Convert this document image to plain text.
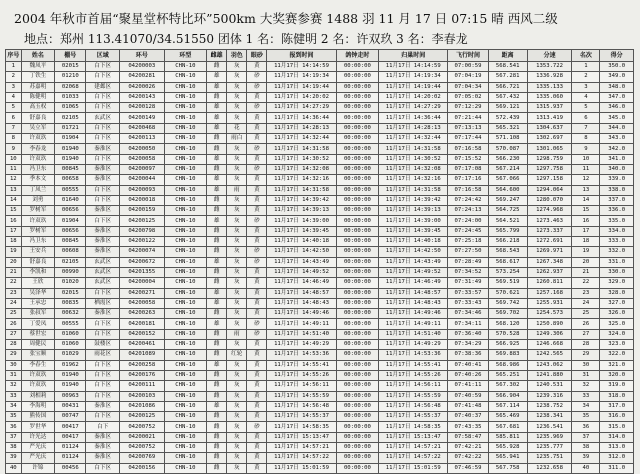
2004 年秋市首届“聚星堂杯特比环”500km 大奖赛参赛 1488 羽 11 月 17 日 07:15 晴 西风二级
地点：郑州 113.41070/34.51550 团体 1 名：陈健明 2 名：许双玖 3 名：李春龙
序号	姓名	棚号	区域	环号	环型	雌雄	羽色	眼砂	报到时间	鸽钟走时	归巢时间	飞行时间	距离	分速	名次	得分
1	魏凤平	02015	白下区	04200003	CHN-10	雌	灰	黄	11月17日 14:14:59	00:00:00	11月17日 14:14:59	07:00:59	568.541	1353.722	1	350.0
2	丁铁生	01210	白下区	04200281	CHN-10	雄	灰	砂	11月17日 14:19:34	00:00:00	11月17日 14:19:34	07:04:19	567.281	1336.928	2	349.0
3	苏嘉明	02068	建邺区	04200026	CHN-10	雄	灰	砂	11月17日 14:19:44	00:00:00	11月17日 14:19:44	07:04:34	566.721	1335.133	3	348.0
4	陈健明	01033	白下区	04200143	CHN-10	雌	灰	黄	11月17日 14:20:02	00:00:00	11月17日 14:20:02	07:05:02	567.432	1335.060	4	347.0
5	高玉权	01065	白下区	04200128	CHN-10	雄	灰	砂	11月17日 14:27:29	00:00:00	11月17日 14:27:29	07:12:29	569.121	1315.937	5	346.0
6	舒嘉良	02105	玄武区	04200149	CHN-10	雄	灰	黄	11月17日 14:36:44	00:00:00	11月17日 14:36:44	07:21:44	572.439	1313.419	6	345.0
7	吴立军	01721	白下区	04200468	CHN-10	雄	花	黄	11月17日 14:28:13	00:00:00	11月17日 14:28:13	07:13:13	565.321	1304.637	7	344.0
8	许双玖	01904	白下区	04200113	CHN-10	雌	雨白	黄	11月17日 14:32:44	00:00:00	11月17日 14:32:44	07:17:44	571.108	1302.697	8	343.0
9	李春龙	01940	秦淮区	04200050	CHN-10	雌	灰	砂	11月17日 14:31:58	00:00:00	11月17日 14:31:58	07:16:58	570.087	1301.065	9	342.0
10	许双玖	01940	白下区	04200058	CHN-10	雄	灰	黄	11月17日 14:30:52	00:00:00	11月17日 14:30:52	07:15:52	566.230	1298.759	10	341.0
11	冯卫东	00845	秦淮区	04200097	CHN-10	雌	灰	砂	11月17日 14:32:08	00:00:00	11月17日 14:32:08	07:17:08	567.214	1297.758	11	340.0
12	季本文	00658	秦淮区	04200044	CHN-10	雄	灰	黄	11月17日 14:32:16	00:00:00	11月17日 14:32:16	07:17:16	567.066	1297.158	12	339.0
13	丁凤兰	00555	白下区	04200093	CHN-10	雄	雨	黄	11月17日 14:31:58	00:00:00	11月17日 14:31:58	07:16:58	564.600	1294.064	13	338.0
14	刘勇	01640	白下区	04200018	CHN-10	雌	灰	黄	11月17日 14:39:42	00:00:00	11月17日 14:39:42	07:24:42	569.247	1280.070	14	337.0
15	罗树军	00656	秦淮区	04200159	CHN-10	雌	灰	黄	11月17日 14:39:13	00:00:00	11月17日 14:39:13	07:24:13	564.725	1274.968	15	336.0
16	许双玖	01904	白下区	04200125	CHN-10	雄	灰	砂	11月17日 14:39:00	00:00:00	11月17日 14:39:00	07:24:00	564.521	1273.463	16	335.0
17	罗树军	00656	秦淮区	04200798	CHN-10	雌	灰	黄	11月17日 14:39:45	00:00:00	11月17日 14:39:45	07:24:45	565.799	1273.337	17	334.0
18	冯卫东	00845	秦淮区	04200122	CHN-10	雌	灰	黄	11月17日 14:40:18	00:00:00	11月17日 14:40:18	07:25:18	566.218	1272.691	18	333.0
19	王安兵	00608	秦淮区	04200074	CHN-10	雌	灰	砂	11月17日 14:42:50	00:00:00	11月17日 14:42:50	07:27:50	568.543	1269.971	19	332.0
20	舒嘉良	02105	玄武区	04200672	CHN-10	雄	灰	砂	11月17日 14:43:49	00:00:00	11月17日 14:43:49	07:28:49	568.617	1267.348	20	331.0
21	李凯和	00990	玄武区	04201355	CHN-10	雌	灰	黄	11月17日 14:49:52	00:00:00	11月17日 14:49:52	07:34:52	573.254	1262.937	21	330.0
22	王欣	01020	玄武区	04200004	CHN-10	雌	灰	黄	11月17日 14:46:49	00:00:00	11月17日 14:46:49	07:31:49	569.519	1260.811	22	329.0
23	吴泽华	02015	白下区	04200271	CHN-10	雄	灰	黄	11月17日 14:48:57	00:00:00	11月17日 14:48:57	07:33:57	570.621	1257.168	23	328.0
24	王承忠	00835	栖霞区	04200058	CHN-10	雄	灰	黄	11月17日 14:48:43	00:00:00	11月17日 14:48:43	07:33:43	569.742	1255.931	24	327.0
25	张叔军	00632	秦淮区	04200263	CHN-10	雌	灰	黄	11月17日 14:49:46	00:00:00	11月17日 14:49:46	07:34:46	569.702	1254.573	25	326.0
26	丁爱凤	00555	白下区	04200181	CHN-10	雄	灰	砂	11月17日 14:49:11	00:00:00	11月17日 14:49:11	07:34:11	568.120	1250.890	26	325.0
27	蔡世宏	01060	白下区	04200152	CHN-10	雌	雨	砂	11月17日 14:51:40	00:00:00	11月17日 14:51:40	07:36:40	570.528	1249.306	27	324.0
28	周健民	01060	鼓楼区	04200461	CHN-10	雌	灰	黄	11月17日 14:49:29	00:00:00	11月17日 14:49:29	07:34:29	566.925	1246.668	28	323.0
29	张宝顺	01029	雨花区	04201089	CHN-10	雌	红轮	黄	11月17日 14:53:36	00:00:00	11月17日 14:53:36	07:38:36	569.883	1242.565	29	322.0
30	李春生	01962	白下区	04200258	CHN-10	雄	灰	黄	11月17日 14:55:41	00:00:00	11月17日 14:55:41	07:40:41	568.986	1243.062	30	321.0
31	许双玖	01940	白下区	04200176	CHN-10	雌	灰	黄	11月17日 14:55:26	00:00:00	11月17日 14:55:26	07:40:26	565.251	1241.880	31	320.0
32	许双玖	01940	白下区	04200111	CHN-10	雌	灰	黄	11月17日 14:56:11	00:00:00	11月17日 14:56:11	07:41:11	567.302	1240.531	32	319.0
33	刘相莉	00963	白下区	04200103	CHN-10	雌	灰	黄	11月17日 14:55:59	00:00:00	11月17日 14:55:59	07:40:59	566.904	1239.316	33	318.0
34	李海明	00431	秦淮区	04201086	CHN-10	雄	灰	黄	11月17日 14:56:48	00:00:00	11月17日 14:56:48	07:41:48	567.114	1238.752	34	317.0
35	熊传国	00747	白下区	04200125	CHN-10	雌	灰	黄	11月17日 14:55:37	00:00:00	11月17日 14:55:37	07:40:37	565.469	1238.341	35	316.0
36	罗世华	00417	白下	04200752	CHN-10	雌	灰	砂	11月17日 14:58:35	00:00:00	11月17日 14:58:35	07:43:35	567.681	1236.541	36	315.0
37	许光达	00417	秦淮区	04200021	CHN-10	雌	灰	黄	11月17日 15:13:47	00:00:00	11月17日 15:13:47	07:58:47	585.811	1235.969	37	314.0
38	严光庆	01124	秦淮区	04200752	CHN-10	雌	灰	黄	11月17日 14:57:21	00:00:00	11月17日 14:57:21	07:42:21	565.928	1235.777	38	313.0
39	严光庆	01124	秦淮区	04200769	CHN-10	雌	灰	黄	11月17日 14:57:22	00:00:00	11月17日 14:57:22	07:42:22	565.941	1235.751	39	312.0
40	许锦	00456	白下区	04200156	CHN-10	雌	灰	黄	11月17日 15:01:59	00:00:00	11月17日 15:01:59	07:46:59	567.758	1232.658	40	311.0
